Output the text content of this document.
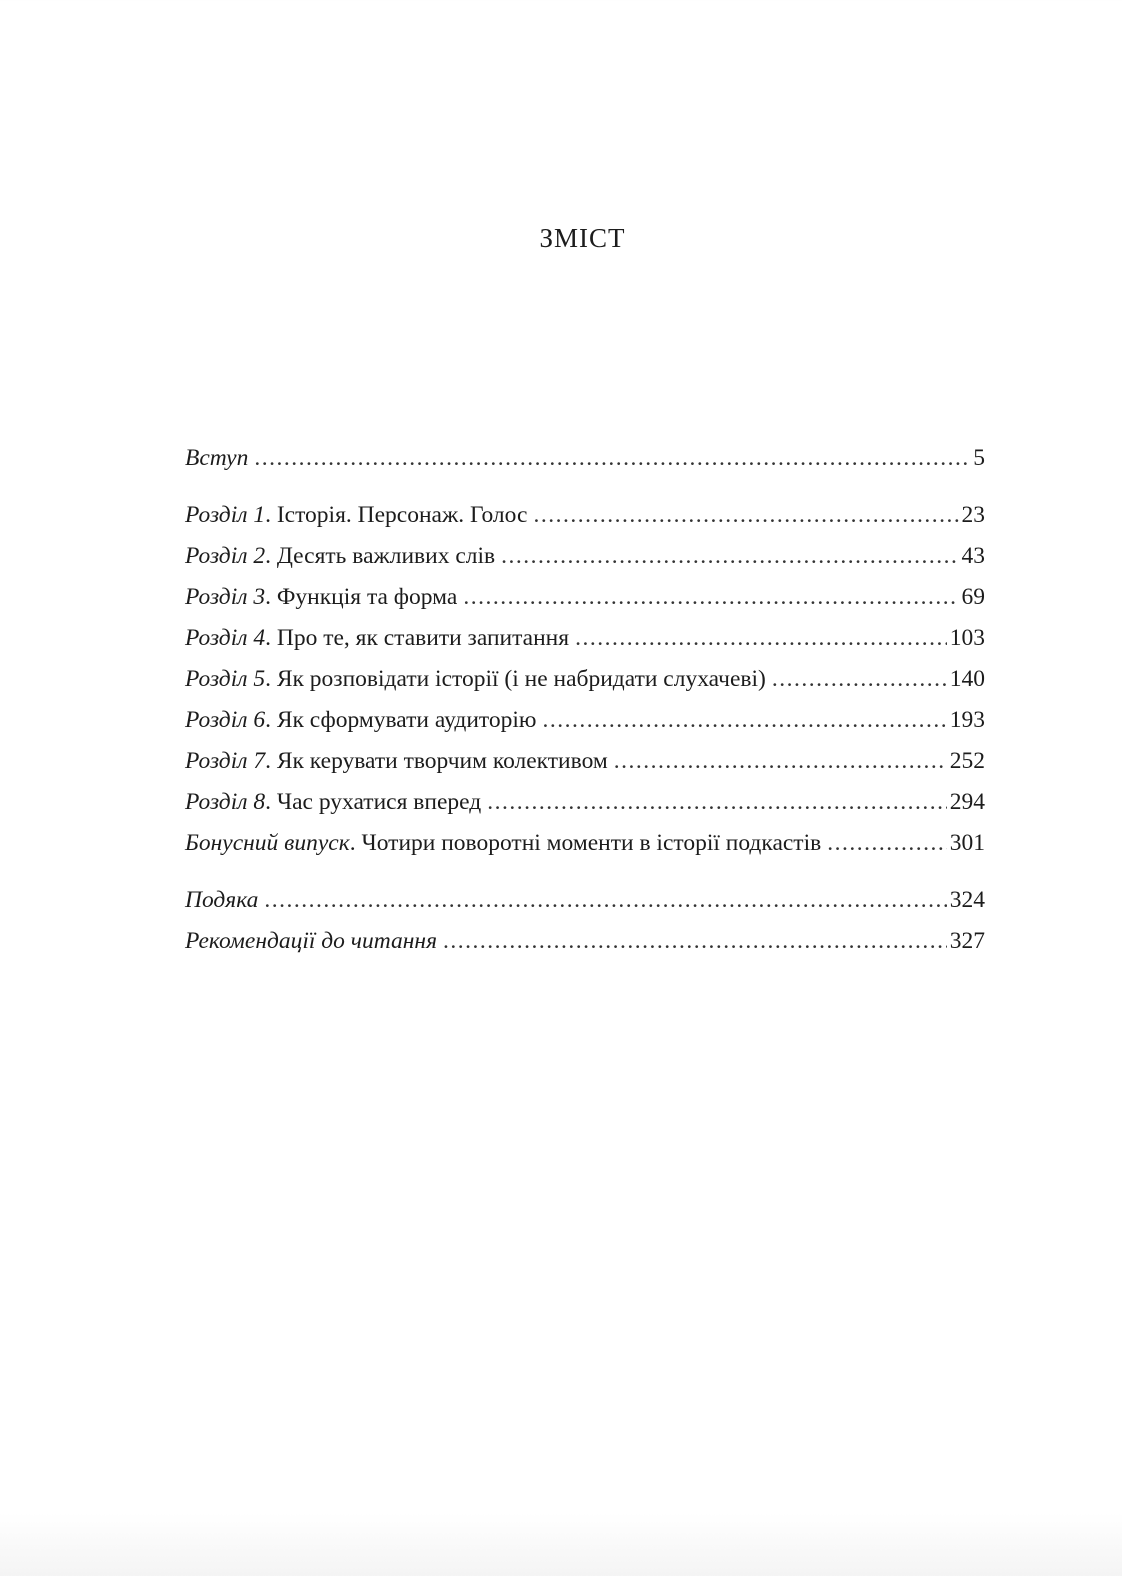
ЗМІСТ
Вступ .....	5
Розділ 1. Історія. Персонаж. Голос .....	23
Розділ 2. Десять важливих слів .....	43
Розділ 3. Функція та форма .....	69
Розділ 4. Про те, як ставити запитання .....	103
Розділ 5. Як розповідати історії (і не набридати слухачеві) .....	140
Розділ 6. Як сформувати аудиторію .....	193
Розділ 7. Як керувати творчим колективом .....	252
Розділ 8. Час рухатися вперед .....	294
Бонусний випуск. Чотири поворотні моменти в історії подкастів .....	301
Подяка .....	324
Рекомендації до читання .....	327
